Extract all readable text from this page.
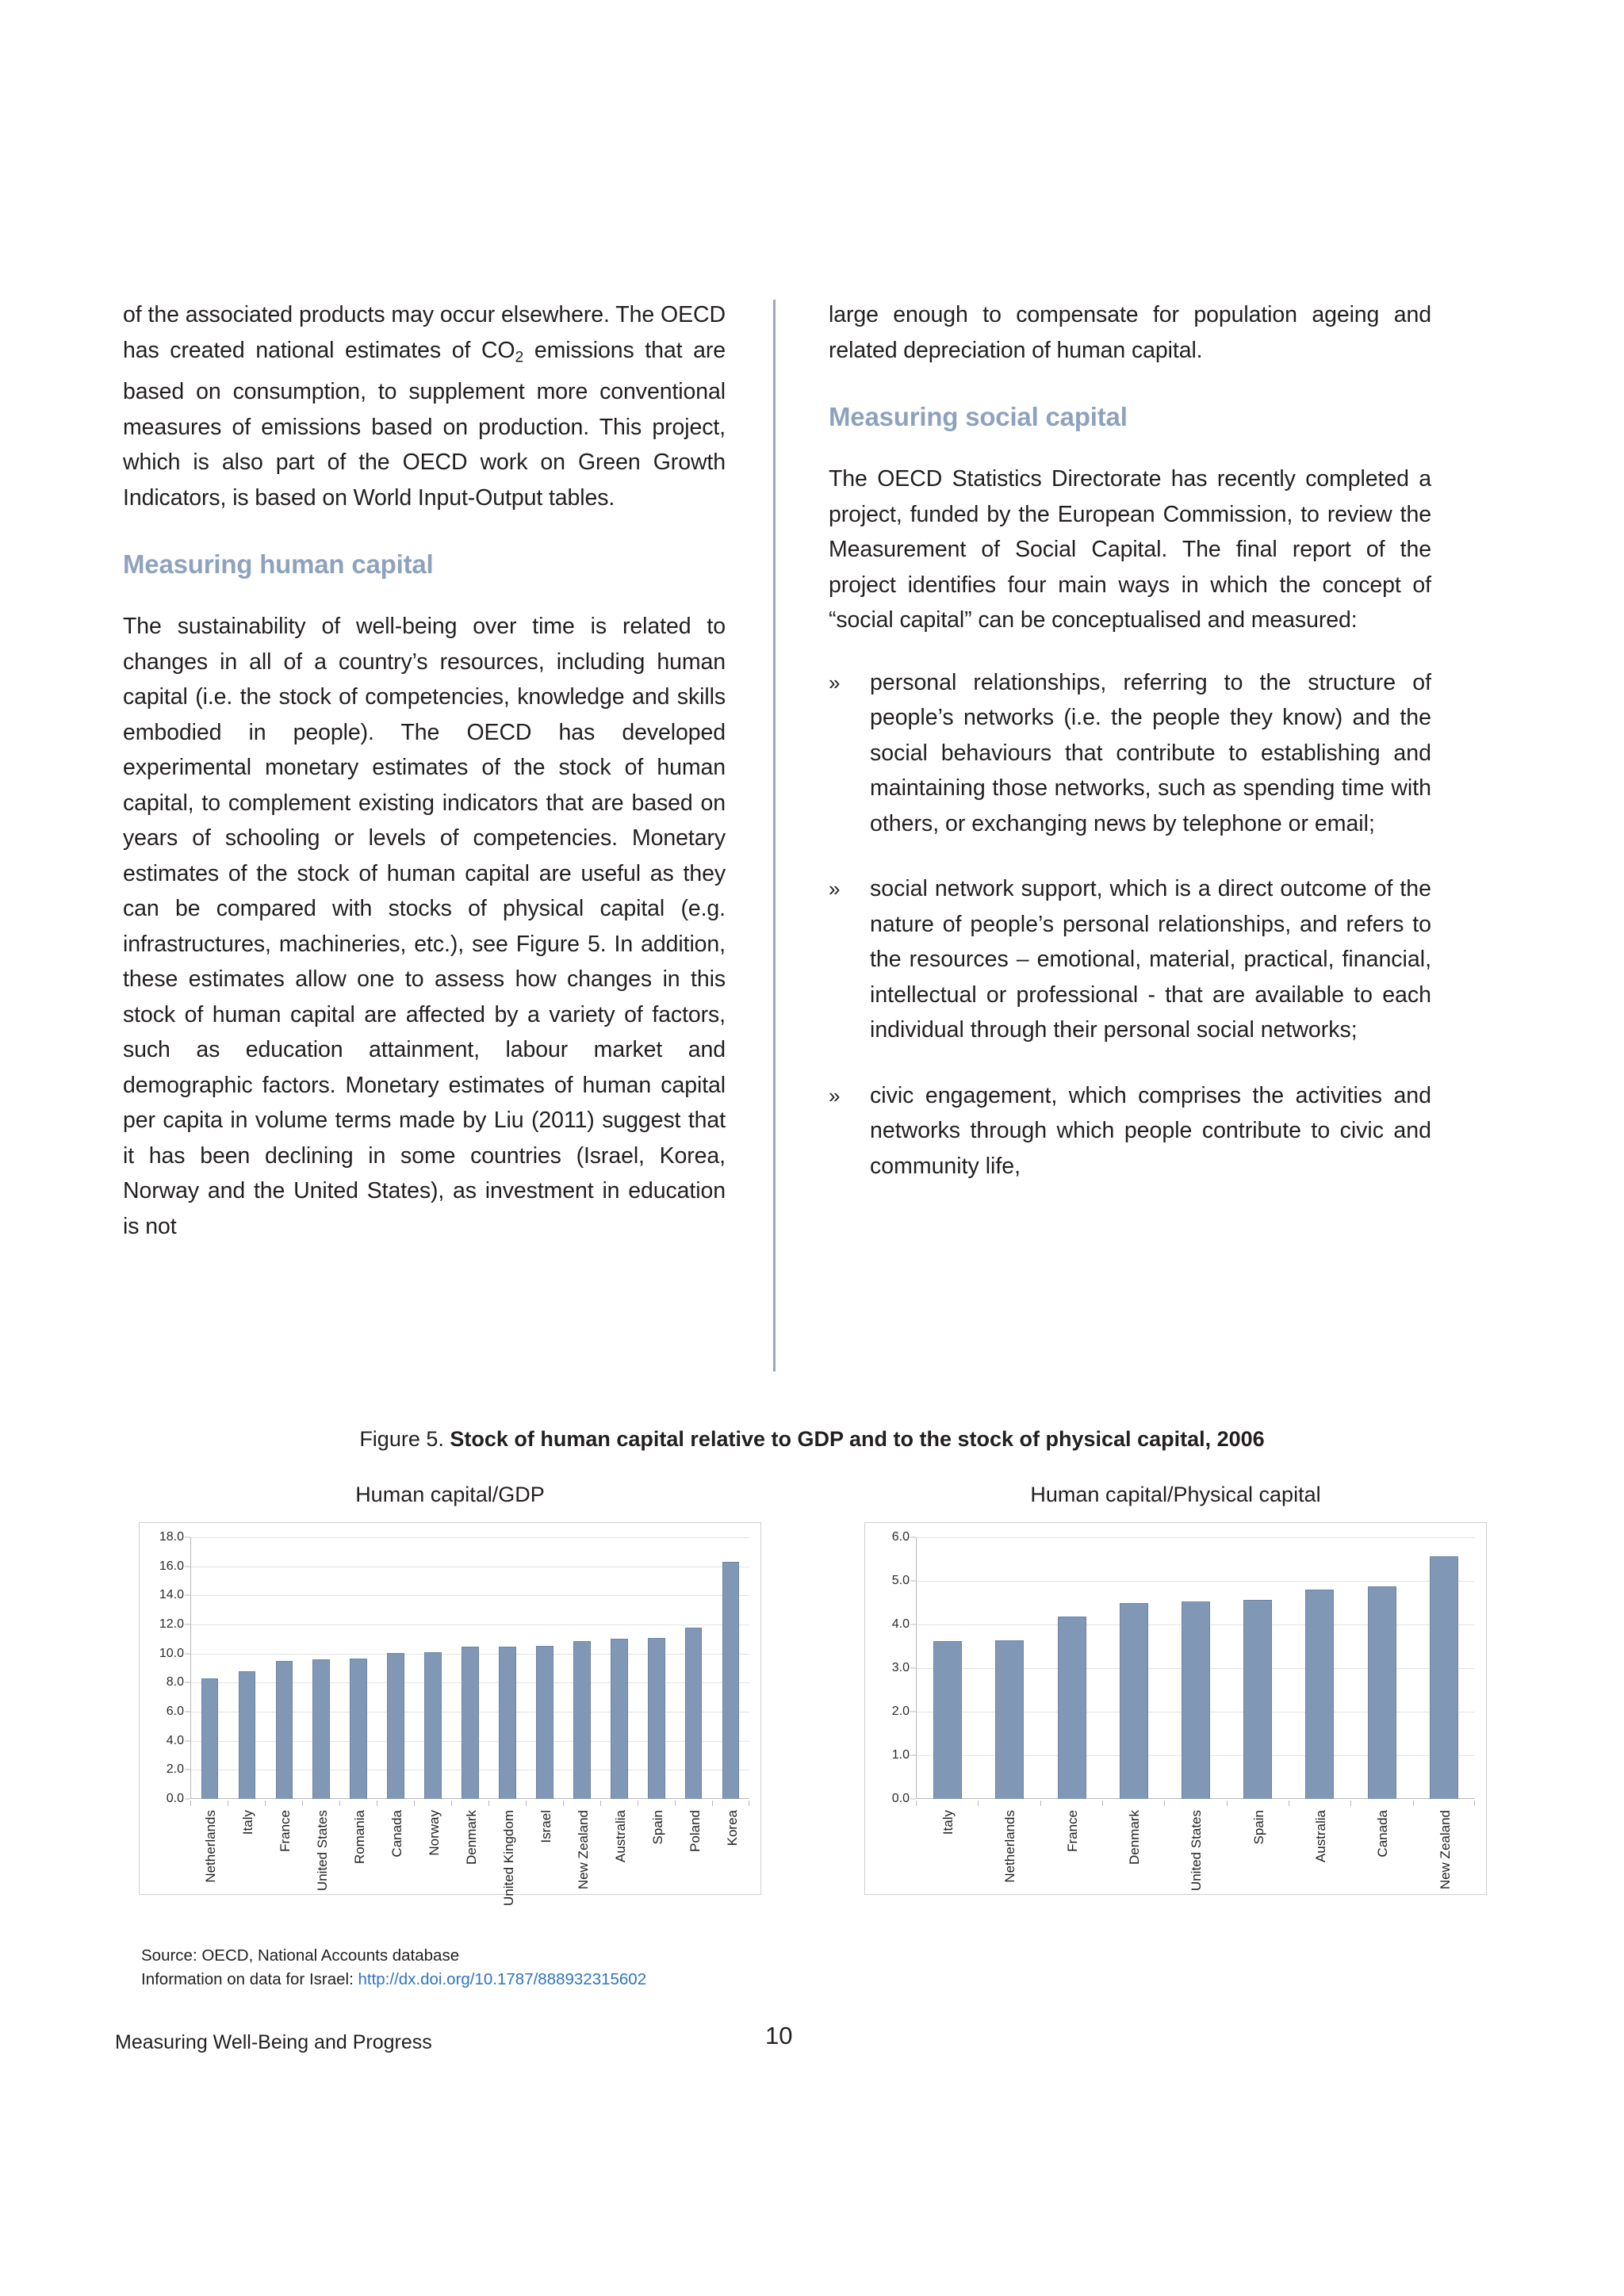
of the associated products may occur elsewhere. The OECD has created national estimates of $CO_2$ emissions that are based on consumption, to supplement more conventional measures of emissions based on production. This project, which is also part of the OECD work on Green Growth Indicators, is based on World Input-Output tables.

Measuring human capital

The sustainability of well-being over time is related to changes in all of a country’s resources, including human capital (i.e. the stock of competencies, knowledge and skills embodied in people). The OECD has developed experimental monetary estimates of the stock of human capital, to complement existing indicators that are based on years of schooling or levels of competencies. Monetary estimates of the stock of human capital are useful as they can be compared with stocks of physical capital (e.g. infrastructures, machineries, etc.), see Figure 5. In addition, these estimates allow one to assess how changes in this stock of human capital are affected by a variety of factors, such as education attainment, labour market and demographic factors. Monetary estimates of human capital per capita in volume terms made by Liu (2011) suggest that it has been declining in some countries (Israel, Korea, Norway and the United States), as investment in education is not

large enough to compensate for population ageing and related depreciation of human capital.

Measuring social capital

The OECD Statistics Directorate has recently completed a project, funded by the European Commission, to review the Measurement of Social Capital. The final report of the project identifies four main ways in which the concept of “social capital” can be conceptualised and measured:

»	personal relationships, referring to the structure of people’s networks (i.e. the people they know) and the social behaviours that contribute to establishing and maintaining those networks, such as spending time with others, or exchanging news by telephone or email;
»	social network support, which is a direct outcome of the nature of people’s personal relationships, and refers to the resources – emotional, material, practical, financial, intellectual or professional - that are available to each individual through their personal social networks;
»	civic engagement, which comprises the activities and networks through which people contribute to civic and community life,
Figure 5. Stock of human capital relative to GDP and to the stock of physical capital, 2006
Human capital/GDP
0.0
2.0
4.0
6.0
8.0
10.0
12.0
14.0
16.0
18.0
Netherlands Italy France United States Romania Canada Norway Denmark United Kingdom Israel New Zealand Australia Spain Poland Korea
Human capital/Physical capital
0.0
1.0
2.0
3.0
4.0
5.0
6.0
Italy	Netherlands	France	Denmark	United States	Spain	Australia	Canada	New Zealand
Source: OECD, National Accounts database
Information on data for Israel: http://dx.doi.org/10.1787/888932315602
Measuring Well-Being and Progress	10
